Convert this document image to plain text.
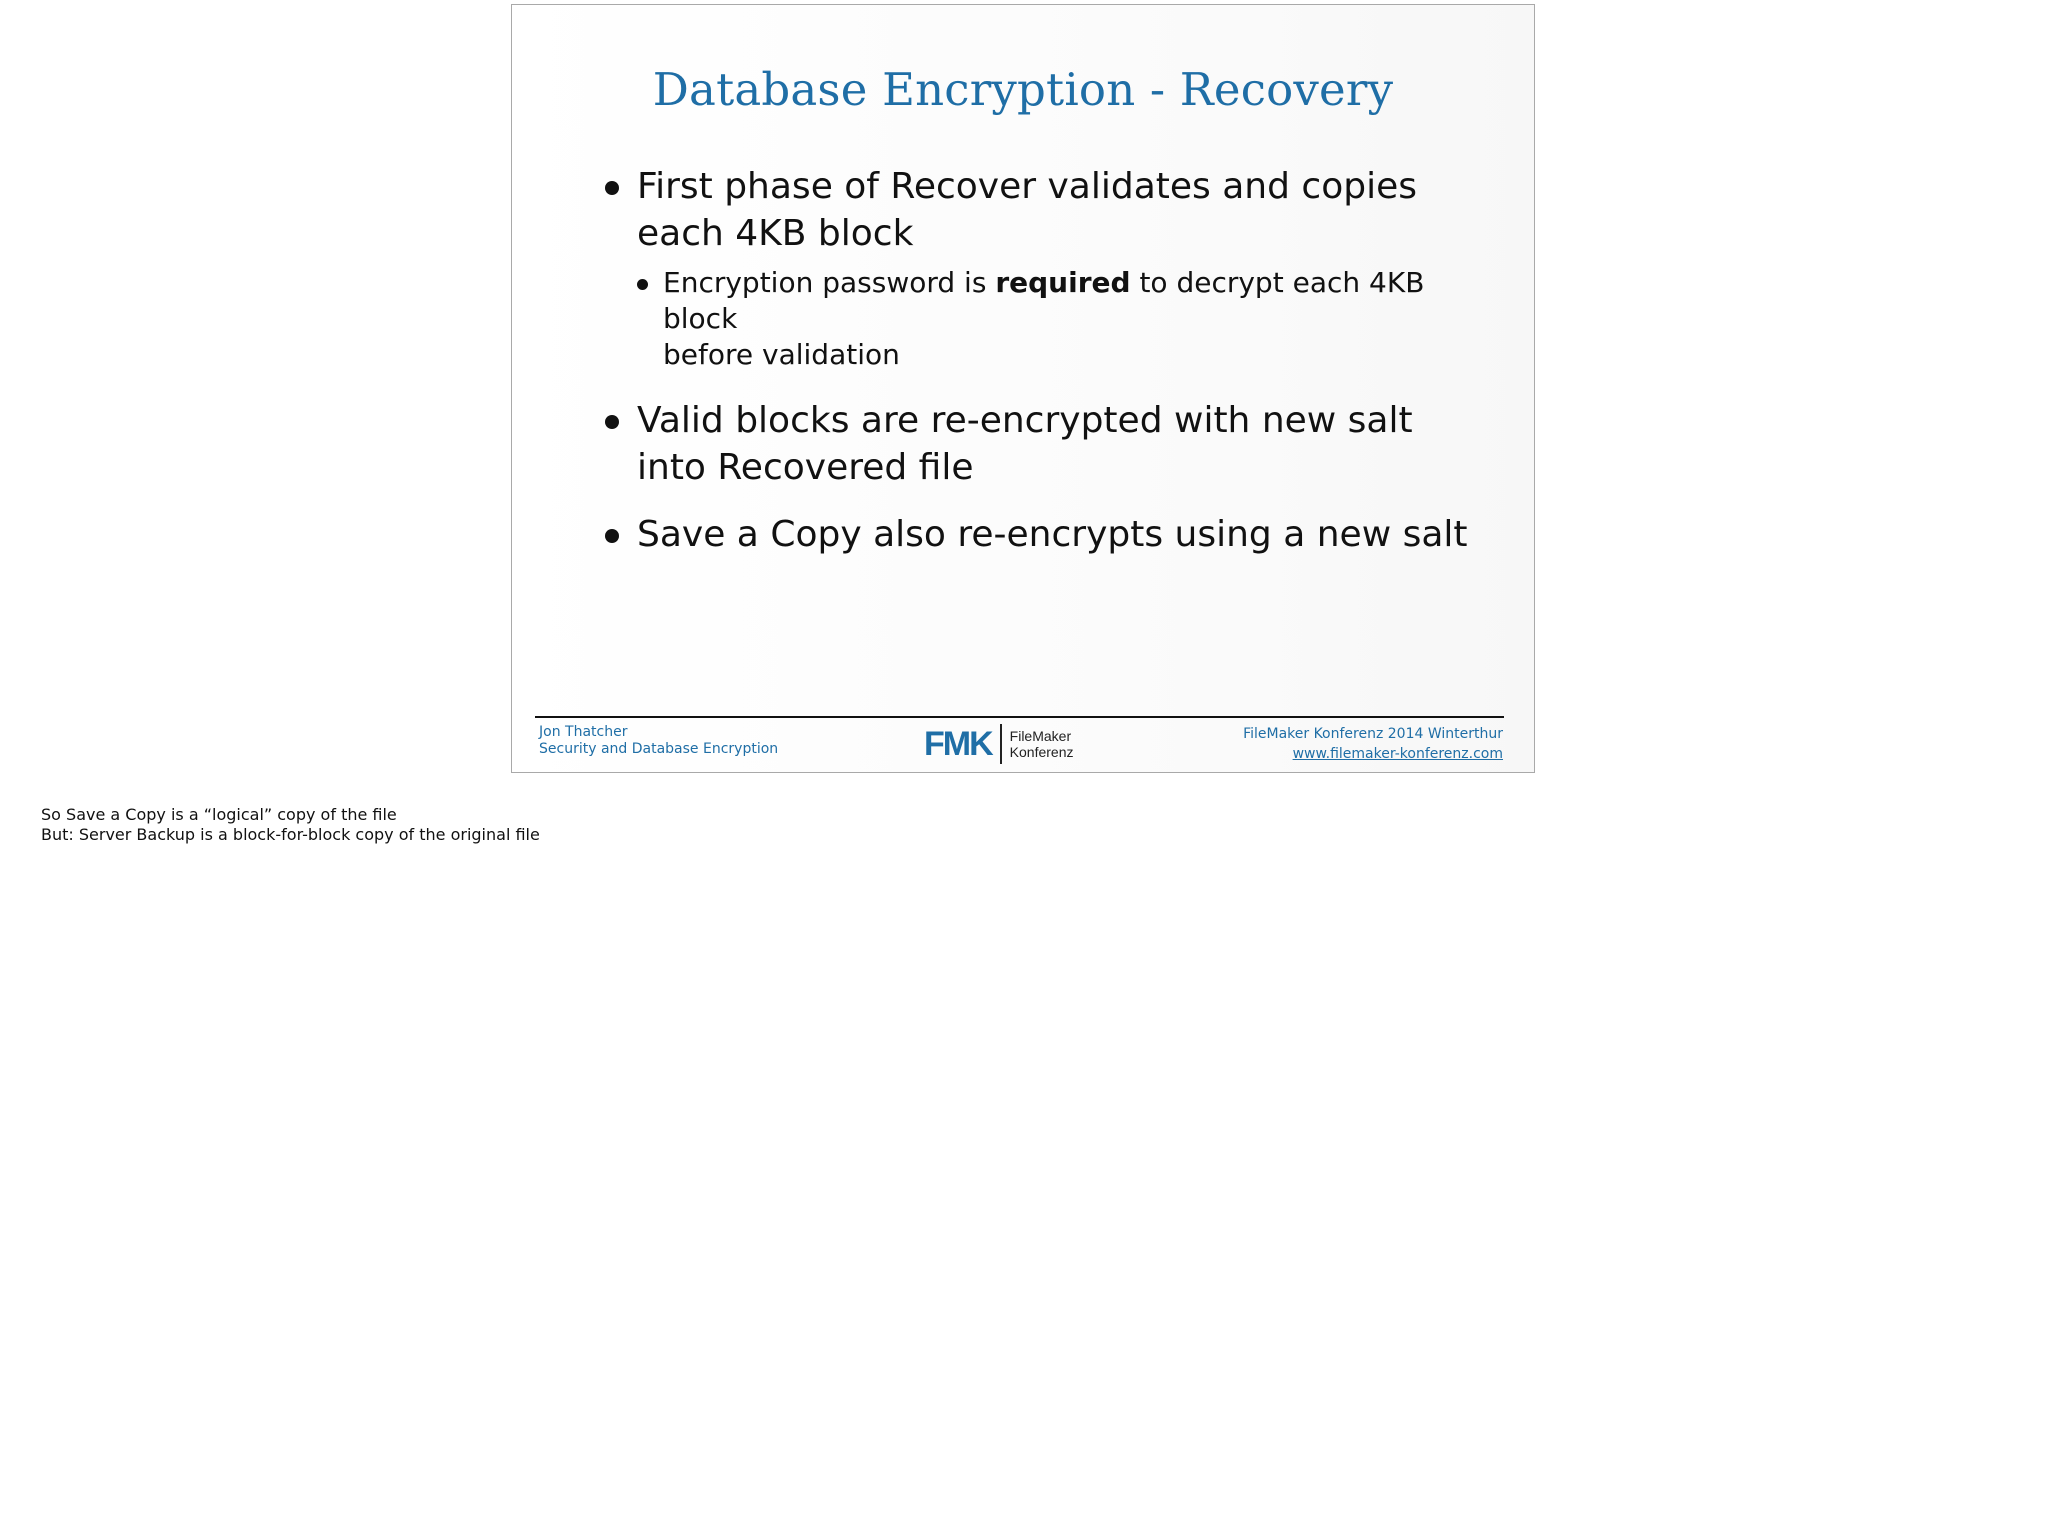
Database Encryption - Recovery
First phase of Recover validates and copies
each 4KB block
Encryption password is required to decrypt each 4KB block
before validation
Valid blocks are re-encrypted with new salt
into Recovered file
Save a Copy also re-encrypts using a new salt
Jon Thatcher
Security and Database Encryption	FMK FileMaker
Konferenz
FileMaker Konferenz 2014 Winterthur
www.filemaker-konferenz.com
So Save a Copy is a “logical” copy of the file
But: Server Backup is a block-for-block copy of the original file
